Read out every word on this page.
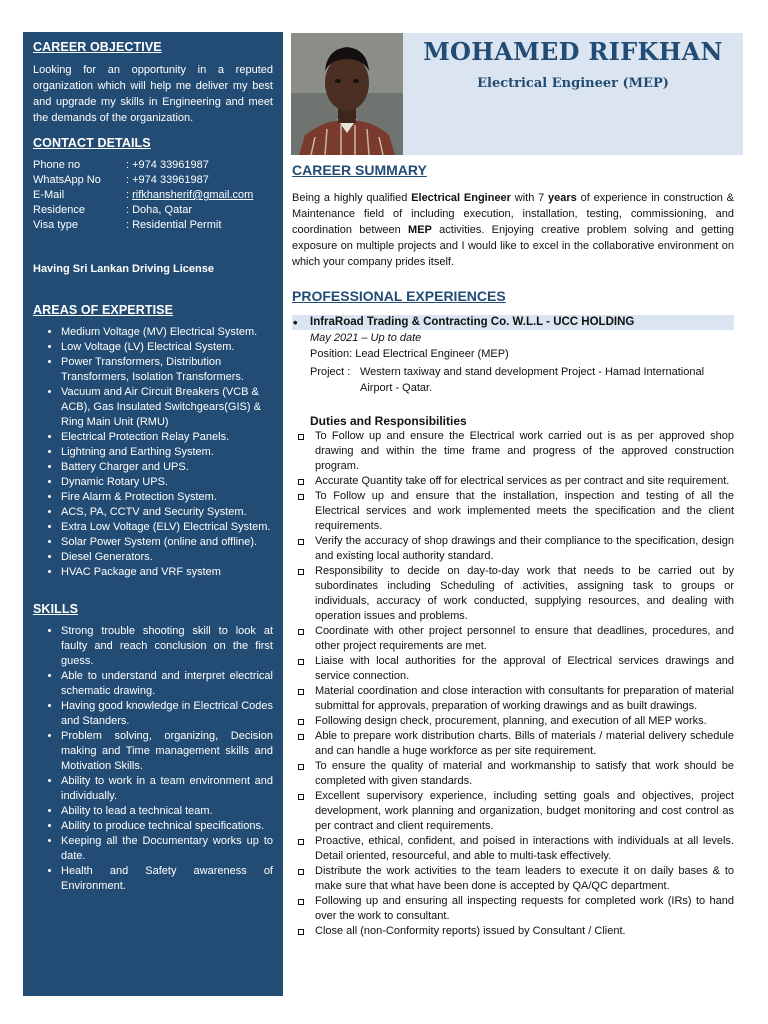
CAREER OBJECTIVE

Looking for an opportunity in a reputed organization which will help me deliver my best and upgrade my skills in Engineering and meet the demands of the organization.

CONTACT DETAILS
Phone no	: +974 33961987
WhatsApp No	: +974 33961987
E-Mail	: rifkhansherif@gmail.com
Residence	: Doha, Qatar
Visa type	: Residential Permit
Having Sri Lankan Driving License
AREAS OF EXPERTISE
• Medium Voltage (MV) Electrical System.
• Low Voltage (LV) Electrical System.
• Power Transformers, Distribution Transformers, Isolation Transformers.
• Vacuum and Air Circuit Breakers (VCB & ACB), Gas Insulated Switchgears(GIS) & Ring Main Unit (RMU)
• Electrical Protection Relay Panels.
• Lightning and Earthing System.
• Battery Charger and UPS.
• Dynamic Rotary UPS.
• Fire Alarm & Protection System.
• ACS, PA, CCTV and Security System.
• Extra Low Voltage (ELV) Electrical System.
• Solar Power System (online and offline).
• Diesel Generators.
• HVAC Package and VRF system
SKILLS
• Strong trouble shooting skill to look at faulty and reach conclusion on the first guess.
• Able to understand and interpret electrical schematic drawing.
• Having good knowledge in Electrical Codes and Standers.
• Problem solving, organizing, Decision making and Time management skills and Motivation Skills.
• Ability to work in a team environment and individually.
• Ability to lead a technical team.
• Ability to produce technical specifications.
• Keeping all the Documentary works up to date.
• Health and Safety awareness of Environment.
MOHAMED RIFKHAN
Electrical Engineer (MEP)
CAREER SUMMARY

Being a highly qualified Electrical Engineer with 7 years of experience in construction & Maintenance field of including execution, installation, testing, commissioning, and coordination between MEP activities. Enjoying creative problem solving and getting exposure on multiple projects and I would like to excel in the collaborative environment on which your company prides itself.

PROFESSIONAL EXPERIENCES
• InfraRoad Trading & Contracting Co. W.L.L - UCC HOLDING
May 2021 – Up to date
Position: Lead Electrical Engineer (MEP)
Project : Western taxiway and stand development Project - Hamad International Airport - Qatar.
Duties and Responsibilities
To Follow up and ensure the Electrical work carried out is as per approved shop drawing and within the time frame and progress of the approved construction program.
Accurate Quantity take off for electrical services as per contract and site requirement.
To Follow up and ensure that the installation, inspection and testing of all the Electrical services and work implemented meets the specification and the client requirements.
Verify the accuracy of shop drawings and their compliance to the specification, design and existing local authority standard.
Responsibility to decide on day-to-day work that needs to be carried out by subordinates including Scheduling of activities, assigning task to groups or individuals, accuracy of work conducted, supplying resources, and dealing with operation issues and problems.
Coordinate with other project personnel to ensure that deadlines, procedures, and other project requirements are met.
Liaise with local authorities for the approval of Electrical services drawings and service connection.
Material coordination and close interaction with consultants for preparation of material submittal for approvals, preparation of working drawings and as built drawings.
Following design check, procurement, planning, and execution of all MEP works.
Able to prepare work distribution charts. Bills of materials / material delivery schedule and can handle a huge workforce as per site requirement.
To ensure the quality of material and workmanship to satisfy that work should be completed with given standards.
Excellent supervisory experience, including setting goals and objectives, project development, work planning and organization, budget monitoring and cost control as per contract and client requirements.
Proactive, ethical, confident, and poised in interactions with individuals at all levels. Detail oriented, resourceful, and able to multi-task effectively.
Distribute the work activities to the team leaders to execute it on daily bases & to make sure that what have been done is accepted by QA/QC department.
Following up and ensuring all inspecting requests for completed work (IRs) to hand over the work to consultant.
Close all (non-Conformity reports) issued by Consultant / Client.
